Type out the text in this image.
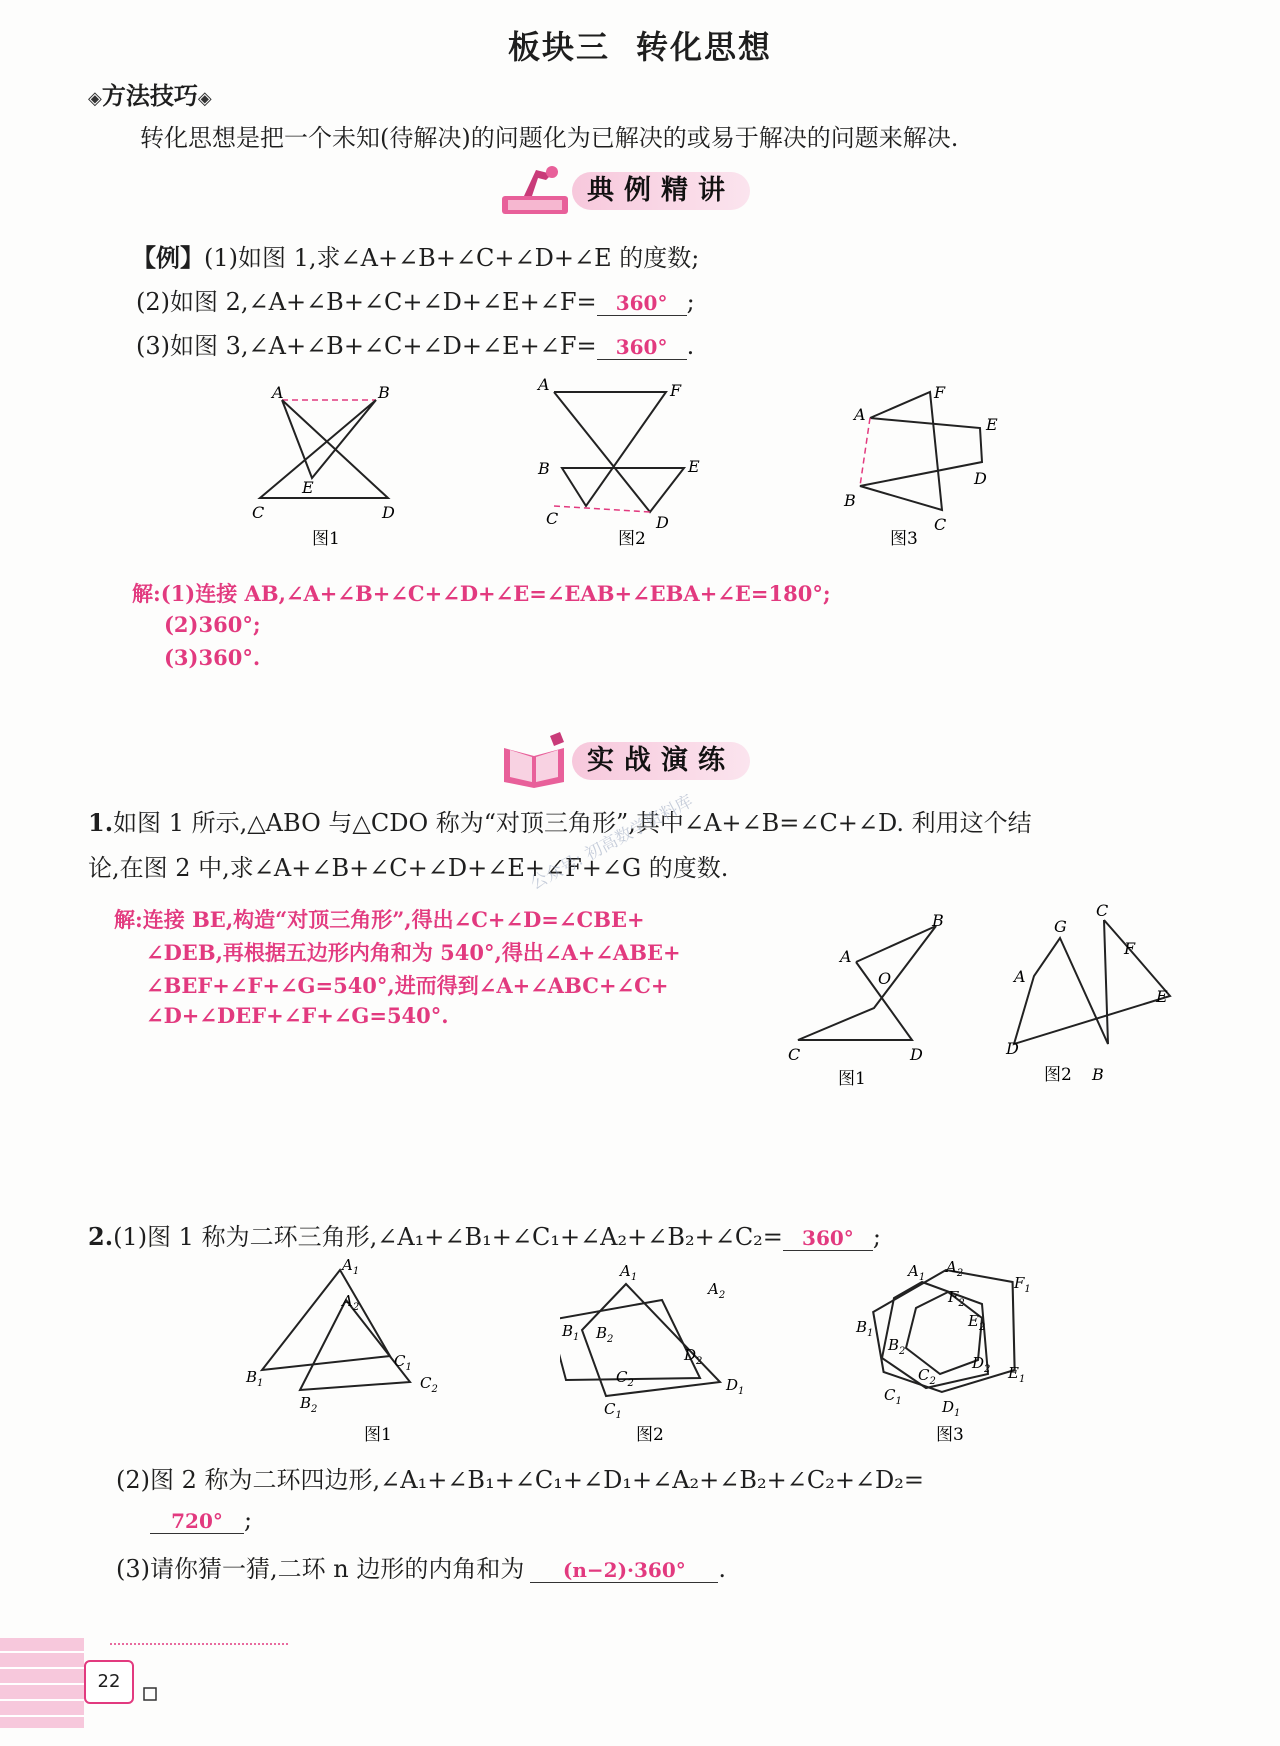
板块三 转化思想
◈方法技巧◈
转化思想是把一个未知(待解决)的问题化为已解决的或易于解决的问题来解决.
典例精讲
【例】(1)如图 1,求∠A+∠B+∠C+∠D+∠E 的度数;
(2)如图 2,∠A+∠B+∠C+∠D+∠E+∠F= 360° ;
(3)如图 3,∠A+∠B+∠C+∠D+∠E+∠F= 360° .
A	B
C	D
E
图1
A	F
B	E
C	D
图2
A
F
E
D
B
C
图3
解:(1)连接 AB,∠A+∠B+∠C+∠D+∠E=∠EAB+∠EBA+∠E=180°;
(2)360°;
(3)360°.
实战演练
1.如图 1 所示,△ABO 与△CDO 称为“对顶三角形”,其中∠A+∠B=∠C+∠D. 利用这个结
论,在图 2 中,求∠A+∠B+∠C+∠D+∠E+∠F+∠G 的度数.
解:连接 BE,构造“对顶三角形”,得出∠C+∠D=∠CBE+
∠DEB,再根据五边形内角和为 540°,得出∠A+∠ABE+
∠BEF+∠F+∠G=540°,进而得到∠A+∠ABC+∠C+
∠D+∠DEF+∠F+∠G=540°.
公众号: 初高数学资料库
A
B
O
C	D
图1
C
G
F
A
E
D
B
图2
2.(1)图 1 称为二环三角形,∠A₁+∠B₁+∠C₁+∠A₂+∠B₂+∠C₂= 360° ;
$A_1$
$A_2$
$C_1$
$C_2$
$B_1$
$B_2$
图1
$A_1$
$A_2$
$B_1$ $B_2$
$D_2$
$C_2$	$D_1$
$C_1$
图2
$A_1$
$A_2$
$F_2$
$F_1$
$E_2$
$B_1$
$B_2$
$D_2$
$C_2$	$E_1$
$C_1$	$D_1$
图3
(2)图 2 称为二环四边形,∠A₁+∠B₁+∠C₁+∠D₁+∠A₂+∠B₂+∠C₂+∠D₂=
720° ;
(3)请你猜一猜,二环 n 边形的内角和为 (n−2)·360° .
22
